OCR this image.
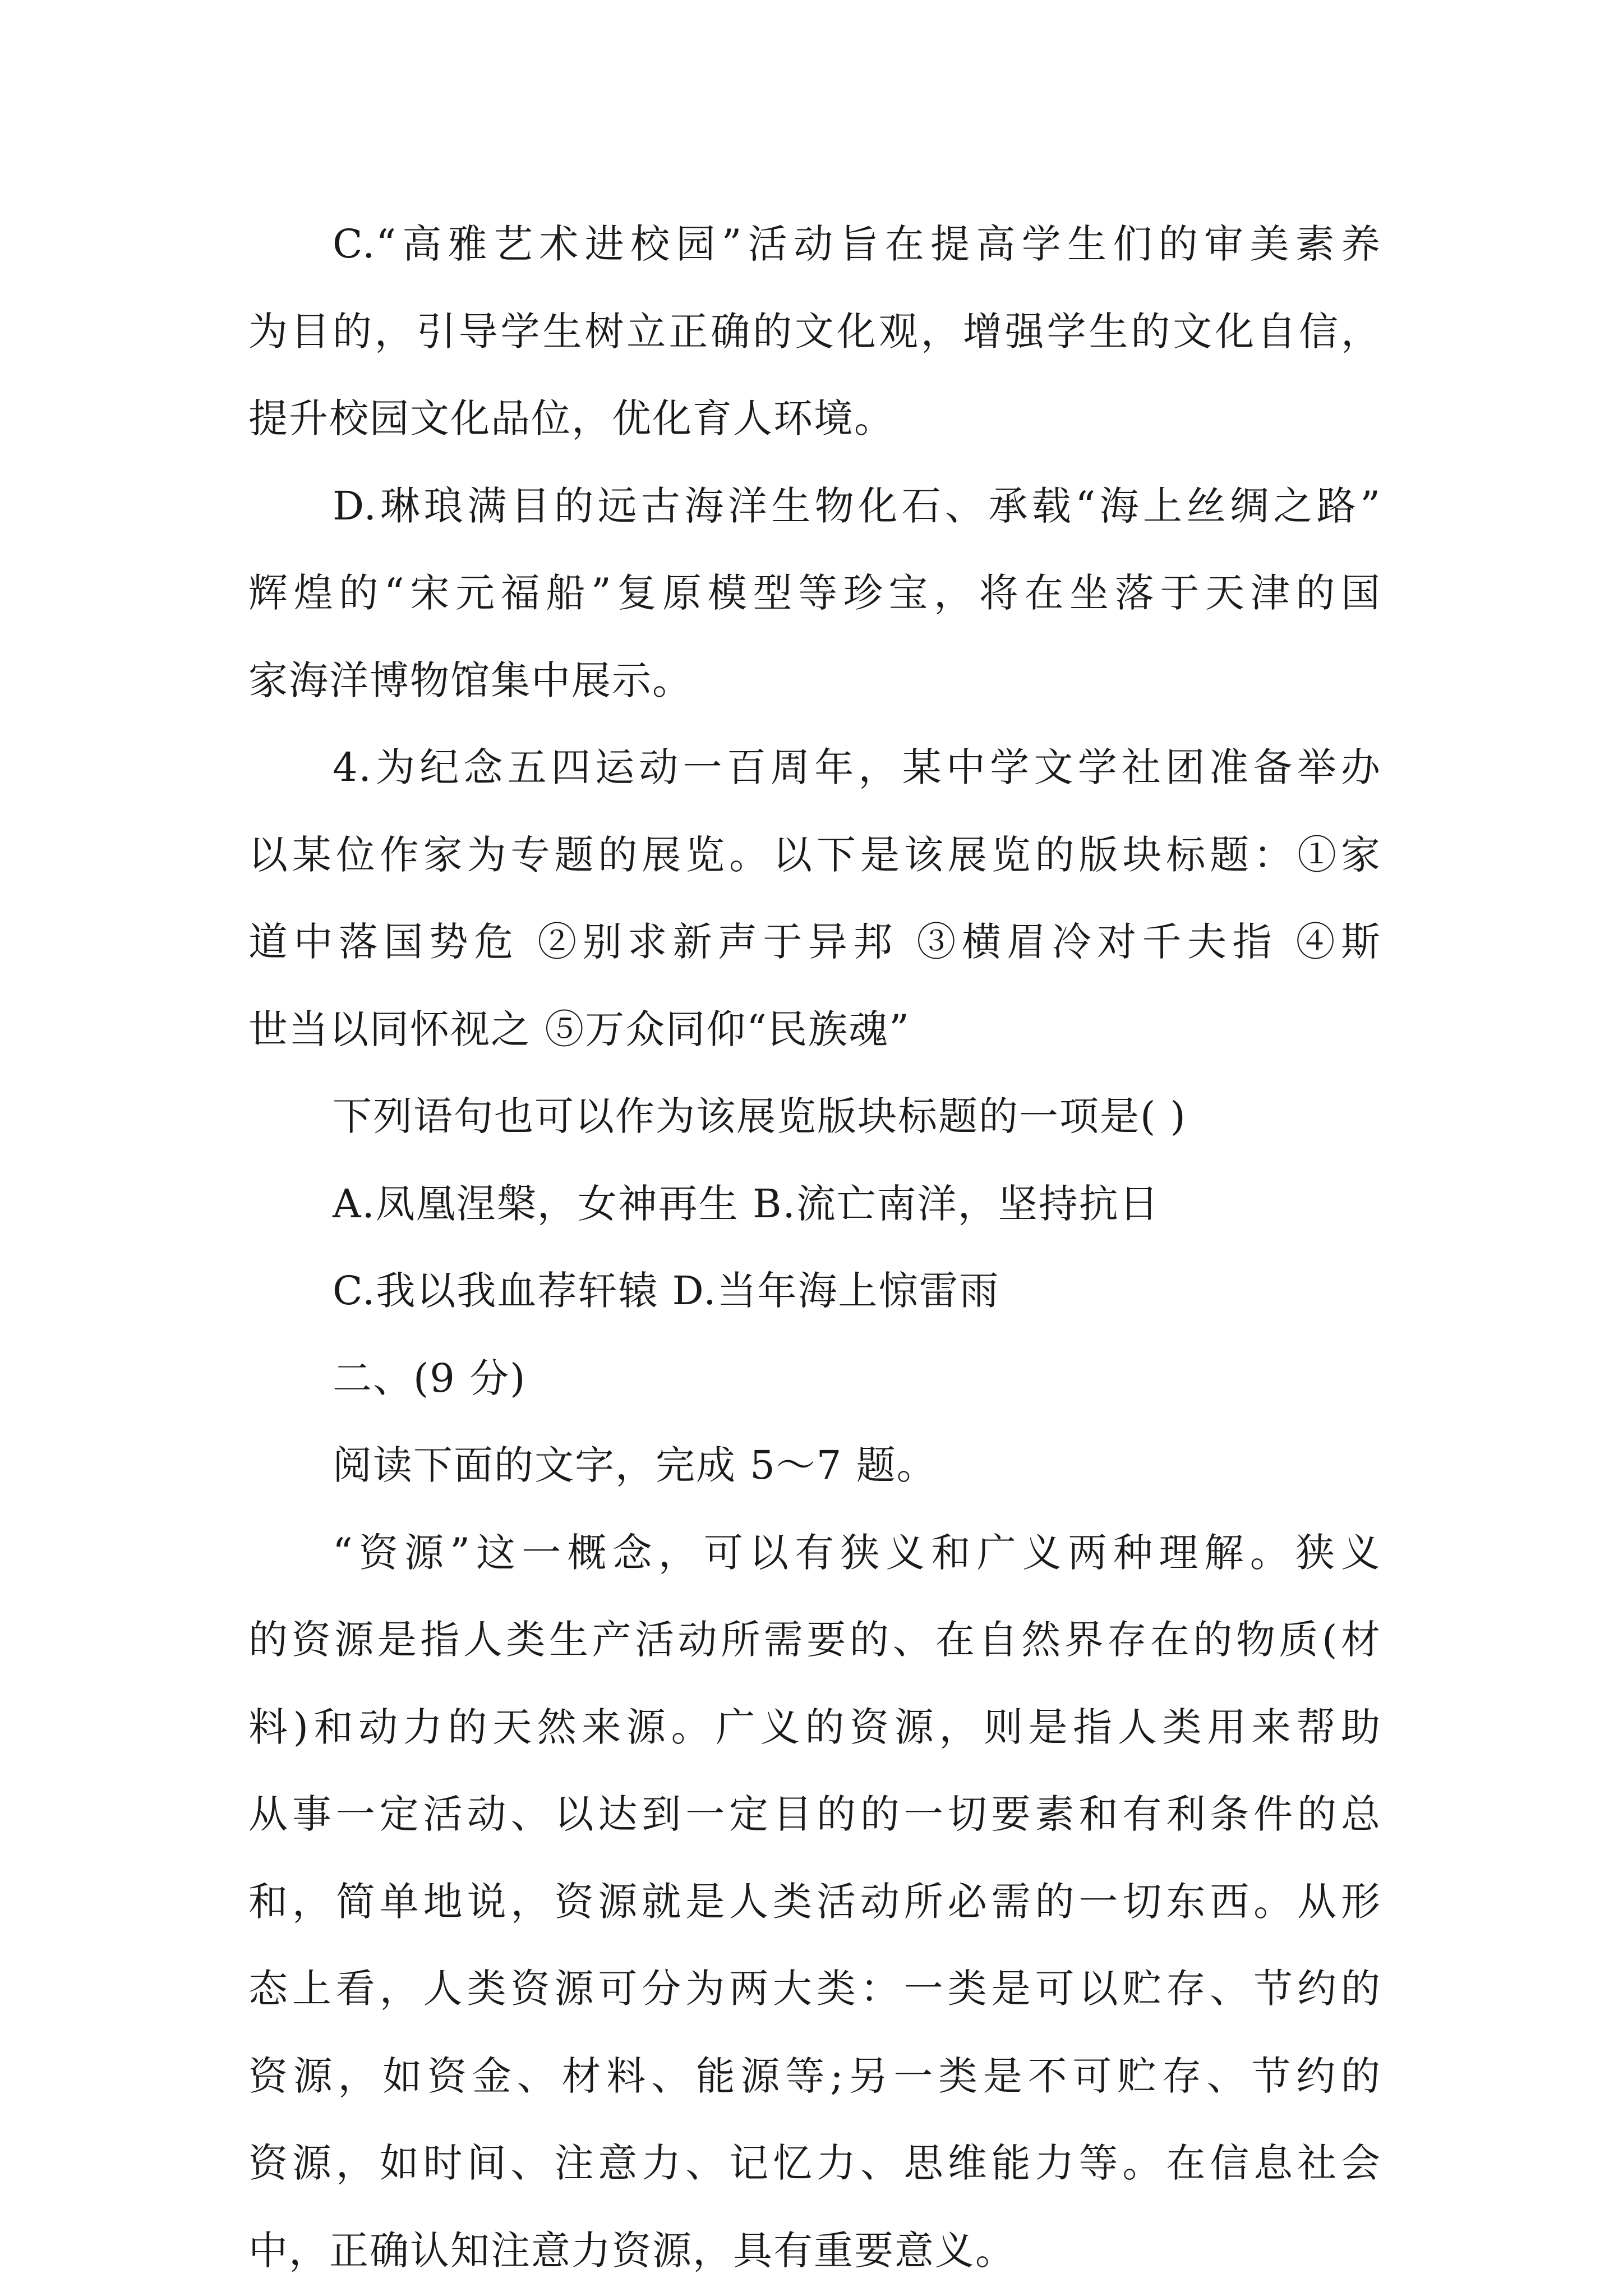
C.“高雅艺术进校园”活动旨在提高学生们的审美素养
为目的，引导学生树立正确的文化观，增强学生的文化自信，
提升校园文化品位，优化育人环境。
D.琳琅满目的远古海洋生物化石、承载“海上丝绸之路”
辉煌的“宋元福船”复原模型等珍宝，将在坐落于天津的国
家海洋博物馆集中展示。
4.为纪念五四运动一百周年，某中学文学社团准备举办
以某位作家为专题的展览。以下是该展览的版块标题：①家
道中落国势危 ②别求新声于异邦 ③横眉冷对千夫指 ④斯
世当以同怀视之 ⑤万众同仰“民族魂”
下列语句也可以作为该展览版块标题的一项是( )
A.凤凰涅槃，女神再生 B.流亡南洋，坚持抗日
C.我以我血荐轩辕 D.当年海上惊雷雨
二、(9 分)
阅读下面的文字，完成 5～7 题。
“资源”这一概念，可以有狭义和广义两种理解。狭义
的资源是指人类生产活动所需要的、在自然界存在的物质(材
料)和动力的天然来源。广义的资源，则是指人类用来帮助
从事一定活动、以达到一定目的的一切要素和有利条件的总
和，简单地说，资源就是人类活动所必需的一切东西。从形
态上看，人类资源可分为两大类：一类是可以贮存、节约的
资源，如资金、材料、能源等;另一类是不可贮存、节约的
资源，如时间、注意力、记忆力、思维能力等。在信息社会
中，正确认知注意力资源，具有重要意义。
